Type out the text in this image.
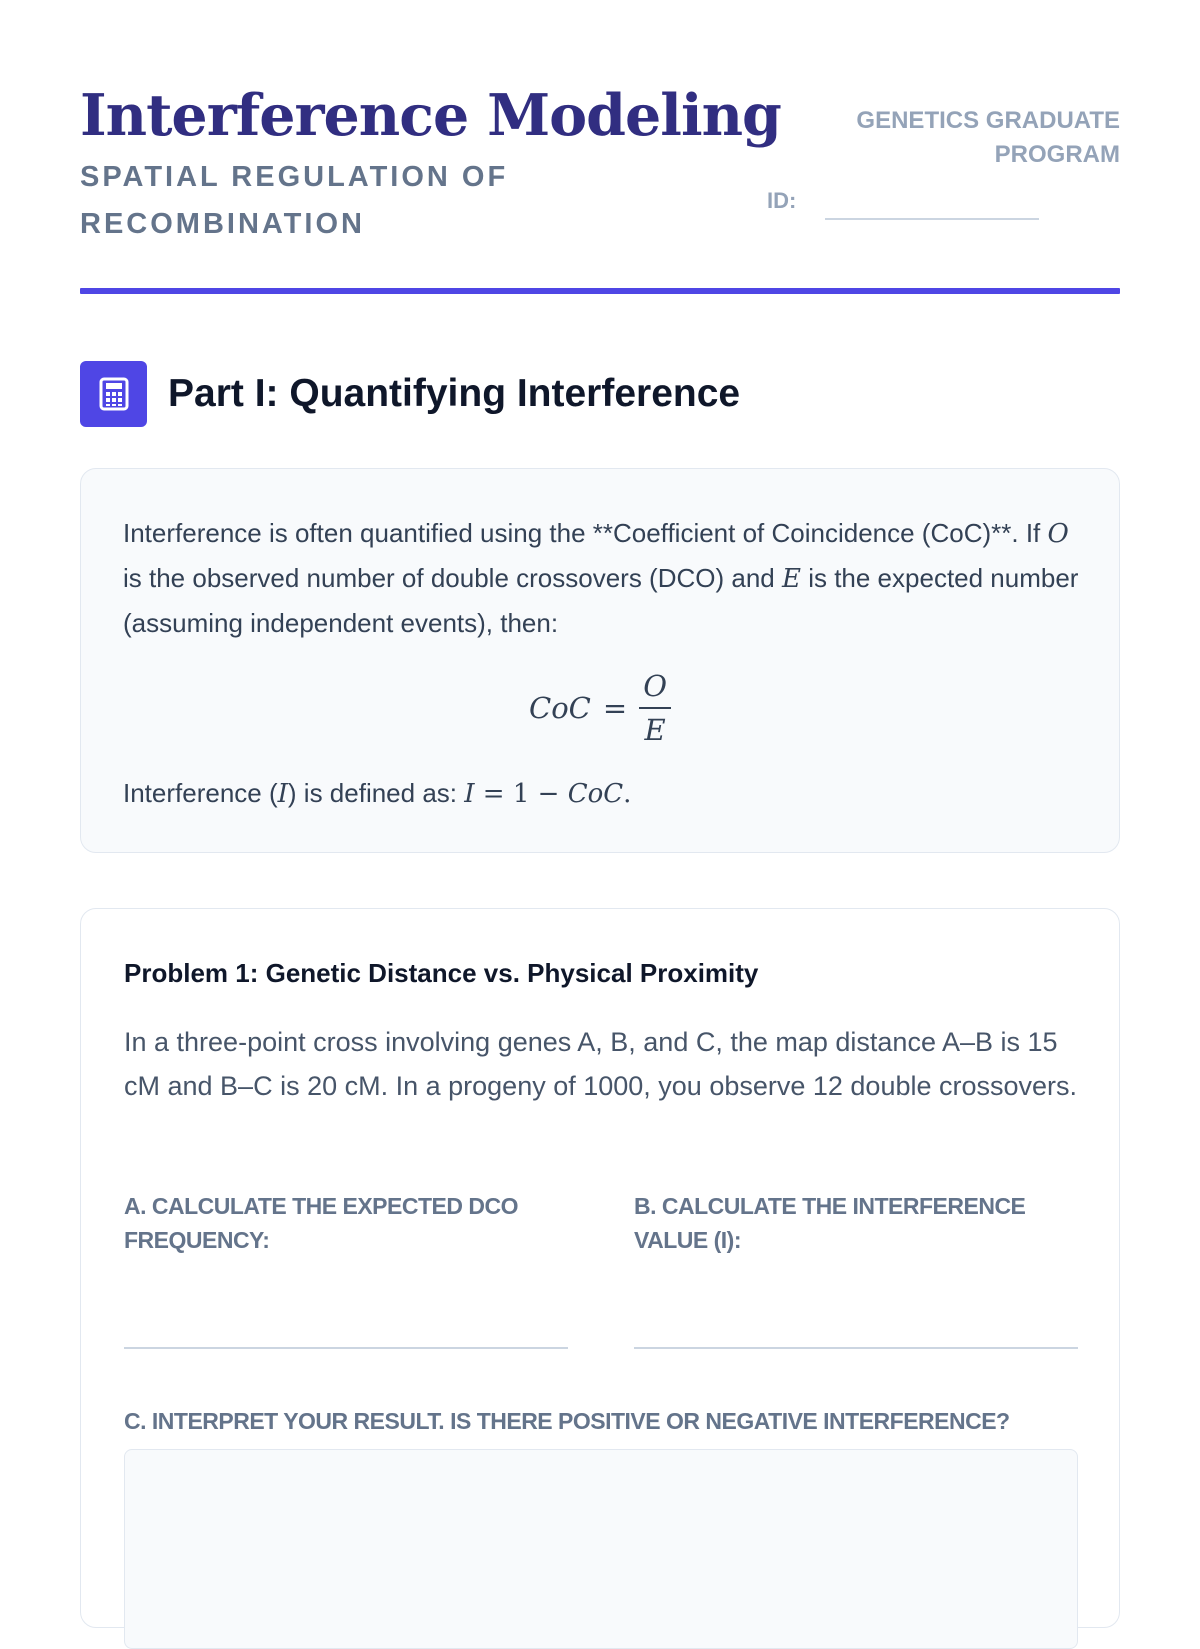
Interference Modeling
SPATIAL REGULATION OF RECOMBINATION
GENETICS GRADUATE PROGRAM
ID:
Part I: Quantifying Interference

Interference is often quantified using the **Coefficient of Coincidence (CoC)**. If O is the observed number of double crossovers (DCO) and E is the expected number (assuming independent events), then:

CoC = $\frac{O}{E}$

Interference (I) is defined as: I = 1 − CoC.

Problem 1: Genetic Distance vs. Physical Proximity

In a three-point cross involving genes A, B, and C, the map distance A–B is 15 cM and B–C is 20 cM. In a progeny of 1000, you observe 12 double crossovers.

A. CALCULATE THE EXPECTED DCO FREQUENCY:
B. CALCULATE THE INTERFERENCE VALUE (I):
C. INTERPRET YOUR RESULT. IS THERE POSITIVE OR NEGATIVE INTERFERENCE?
